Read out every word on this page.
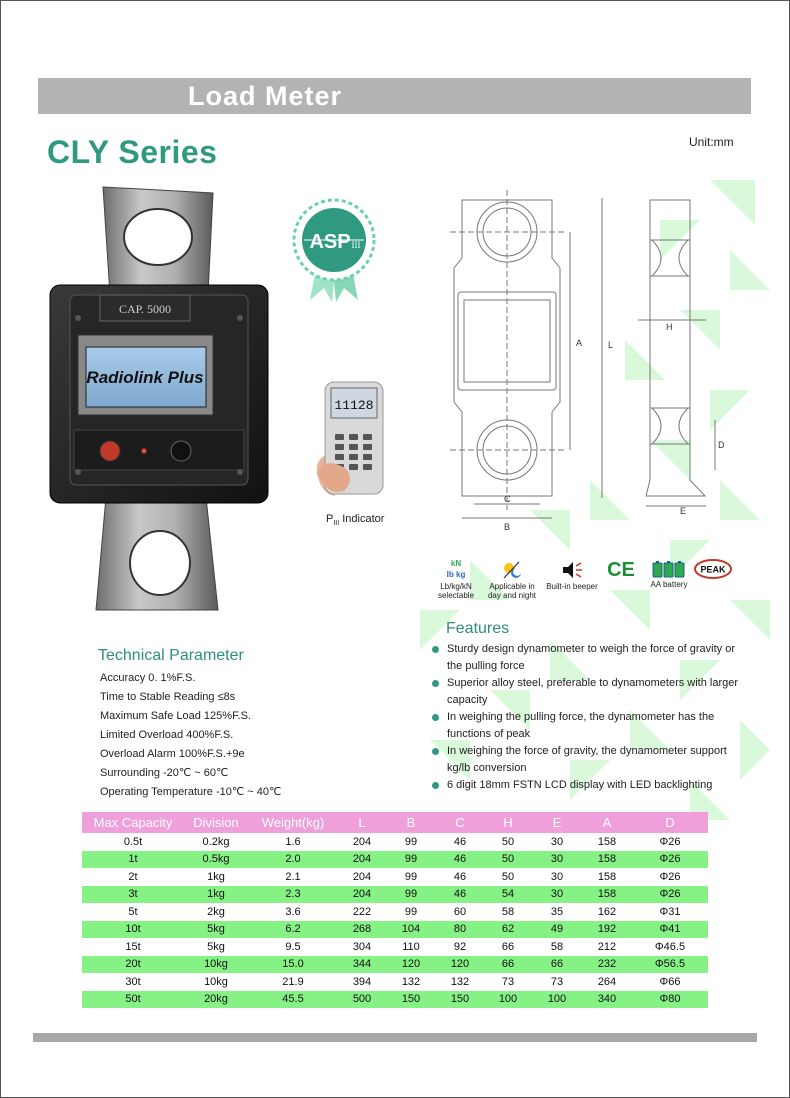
Load Meter
CLY Series	Unit:mm
CAP. 5000
Radiolink Plus
ASP III
11128
$P_{III}$ Indicator
L
A
C
B
H
D
E
kN
lb kg
Lb/kg/kN
selectable
Applicable in
day and night
Built-in beeper
CE
AA battery
PEAK
Features
Sturdy design dynamometer to weigh the force of gravity or the pulling force
Superior alloy steel, preferable to dynamometers with larger capacity
In weighing the pulling force, the dynamometer has the functions of peak
In weighing the force of gravity, the dynamometer support kg/lb conversion
6 digit 18mm FSTN LCD display with LED backlighting
Technical Parameter
Accuracy 0. 1%F.S.
Time to Stable Reading ≤8s
Maximum Safe Load 125%F.S.
Limited Overload 400%F.S.
Overload Alarm 100%F.S.+9e
Surrounding -20℃ ~ 60℃
Operating Temperature -10℃ ~ 40℃
Max Capacity	Division	Weight(kg)	L	B	C	H	E	A	D
0.5t	0.2kg	1.6	204	99	46	50	30	158	Φ26
1t	0.5kg	2.0	204	99	46	50	30	158	Φ26
2t	1kg	2.1	204	99	46	50	30	158	Φ26
3t	1kg	2.3	204	99	46	54	30	158	Φ26
5t	2kg	3.6	222	99	60	58	35	162	Φ31
10t	5kg	6.2	268	104	80	62	49	192	Φ41
15t	5kg	9.5	304	110	92	66	58	212	Φ46.5
20t	10kg	15.0	344	120	120	66	66	232	Φ56.5
30t	10kg	21.9	394	132	132	73	73	264	Φ66
50t	20kg	45.5	500	150	150	100	100	340	Φ80
